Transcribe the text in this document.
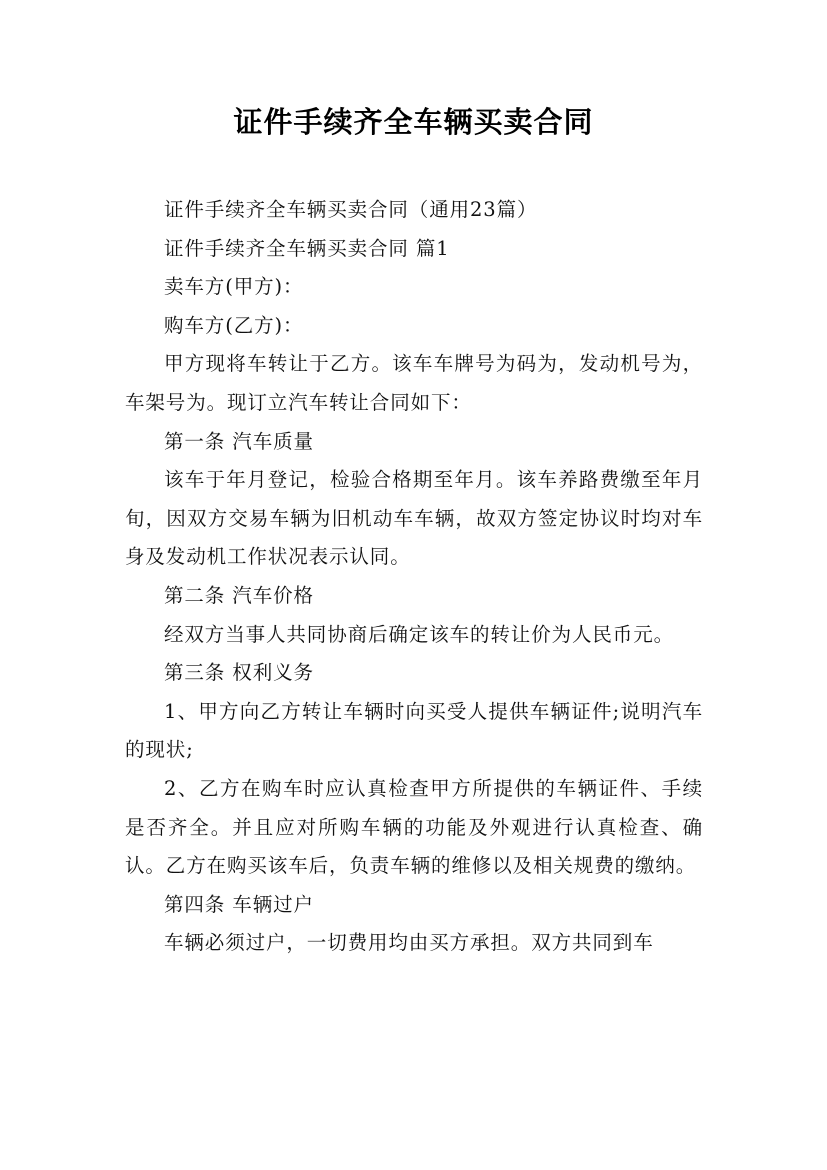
证件手续齐全车辆买卖合同

证件手续齐全车辆买卖合同（通用23篇）

证件手续齐全车辆买卖合同 篇1

卖车方(甲方)：

购车方(乙方)：

甲方现将车转让于乙方。该车车牌号为码为，发动机号为，车架号为。现订立汽车转让合同如下：

第一条 汽车质量

该车于年月登记，检验合格期至年月。该车养路费缴至年月旬，因双方交易车辆为旧机动车车辆，故双方签定协议时均对车身及发动机工作状况表示认同。

第二条 汽车价格

经双方当事人共同协商后确定该车的转让价为人民币元。

第三条 权利义务

1、甲方向乙方转让车辆时向买受人提供车辆证件;说明汽车的现状;

2、乙方在购车时应认真检查甲方所提供的车辆证件、手续是否齐全。并且应对所购车辆的功能及外观进行认真检查、确认。乙方在购买该车后，负责车辆的维修以及相关规费的缴纳。

第四条 车辆过户

车辆必须过户，一切费用均由买方承担。双方共同到车
